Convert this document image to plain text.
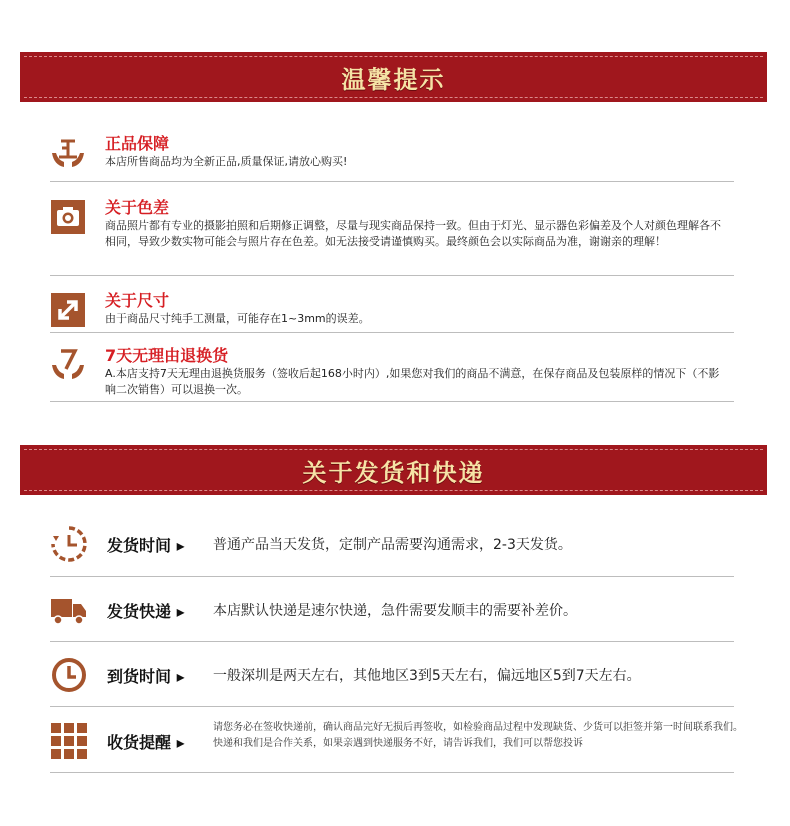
温馨提示
正品保障
本店所售商品均为全新正品,质量保证,请放心购买!
关于色差
商品照片都有专业的摄影拍照和后期修正调整，尽量与现实商品保持一致。但由于灯光、显示器色彩偏差及个人对颜色理解各不相同，导致少数实物可能会与照片存在色差。如无法接受请谨慎购买。最终颜色会以实际商品为准，谢谢亲的理解！
关于尺寸
由于商品尺寸纯手工测量，可能存在1~3mm的误差。
7天无理由退换货
A.本店支持7天无理由退换货服务（签收后起168小时内）,如果您对我们的商品不满意，在保存商品及包装原样的情况下（不影响二次销售）可以退换一次。
关于发货和快递
发货时间 ▸ 普通产品当天发货，定制产品需要沟通需求，2-3天发货。
发货快递 ▸ 本店默认快递是速尔快递，急件需要发顺丰的需要补差价。
到货时间 ▸ 一般深圳是两天左右，其他地区3到5天左右，偏远地区5到7天左右。
收货提醒 ▸
请您务必在签收快递前，确认商品完好无损后再签收，如检验商品过程中发现缺货、少货可以拒签并第一时间联系我们。快递和我们是合作关系，如果亲遇到快递服务不好，请告诉我们，我们可以帮您投诉
